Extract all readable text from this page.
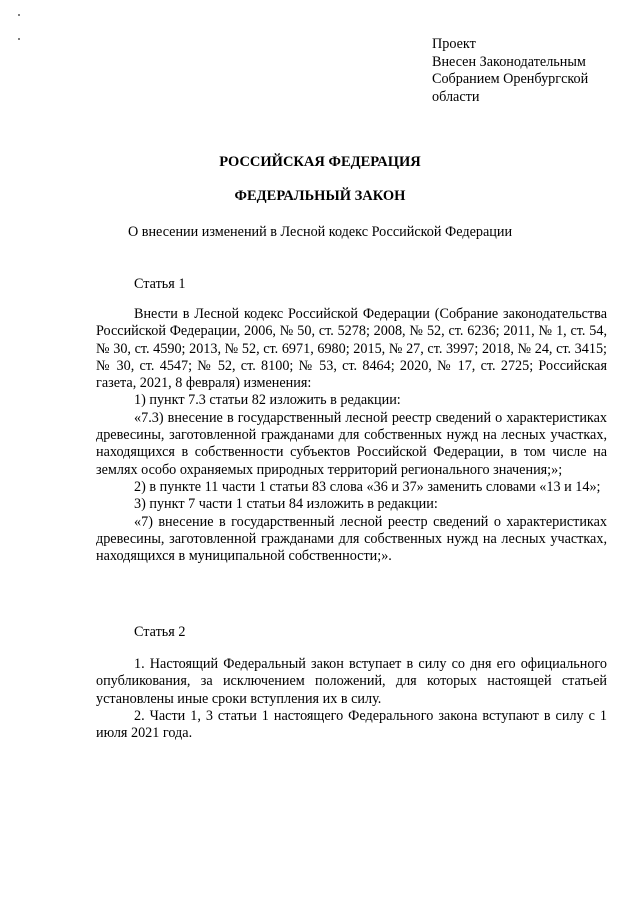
Проект
Внесен Законодательным
Собранием Оренбургской
области
РОССИЙСКАЯ ФЕДЕРАЦИЯ
ФЕДЕРАЛЬНЫЙ ЗАКОН
О внесении изменений в Лесной кодекс Российской Федерации
Статья 1

Внести в Лесной кодекс Российской Федерации (Собрание законодательства Российской Федерации, 2006, № 50, ст. 5278; 2008, № 52, ст. 6236; 2011, № 1, ст. 54, № 30, ст. 4590; 2013, № 52, ст. 6971, 6980; 2015, № 27, ст. 3997; 2018, № 24, ст. 3415; № 30, ст. 4547; № 52, ст. 8100; № 53, ст. 8464; 2020, № 17, ст. 2725; Российская газета, 2021, 8 февраля) изменения:

1) пункт 7.3 статьи 82 изложить в редакции:

«7.3) внесение в государственный лесной реестр сведений о характеристиках древесины, заготовленной гражданами для собственных нужд на лесных участках, находящихся в собственности субъектов Российской Федерации, в том числе на землях особо охраняемых природных территорий регионального значения;»;

2) в пункте 11 части 1 статьи 83 слова «36 и 37» заменить словами «13 и 14»;

3) пункт 7 части 1 статьи 84 изложить в редакции:

«7) внесение в государственный лесной реестр сведений о характеристиках древесины, заготовленной гражданами для собственных нужд на лесных участках, находящихся в муниципальной собственности;».

Статья 2

1. Настоящий Федеральный закон вступает в силу со дня его официального опубликования, за исключением положений, для которых настоящей статьей установлены иные сроки вступления их в силу.

2. Части 1, 3 статьи 1 настоящего Федерального закона вступают в силу с 1 июля 2021 года.
